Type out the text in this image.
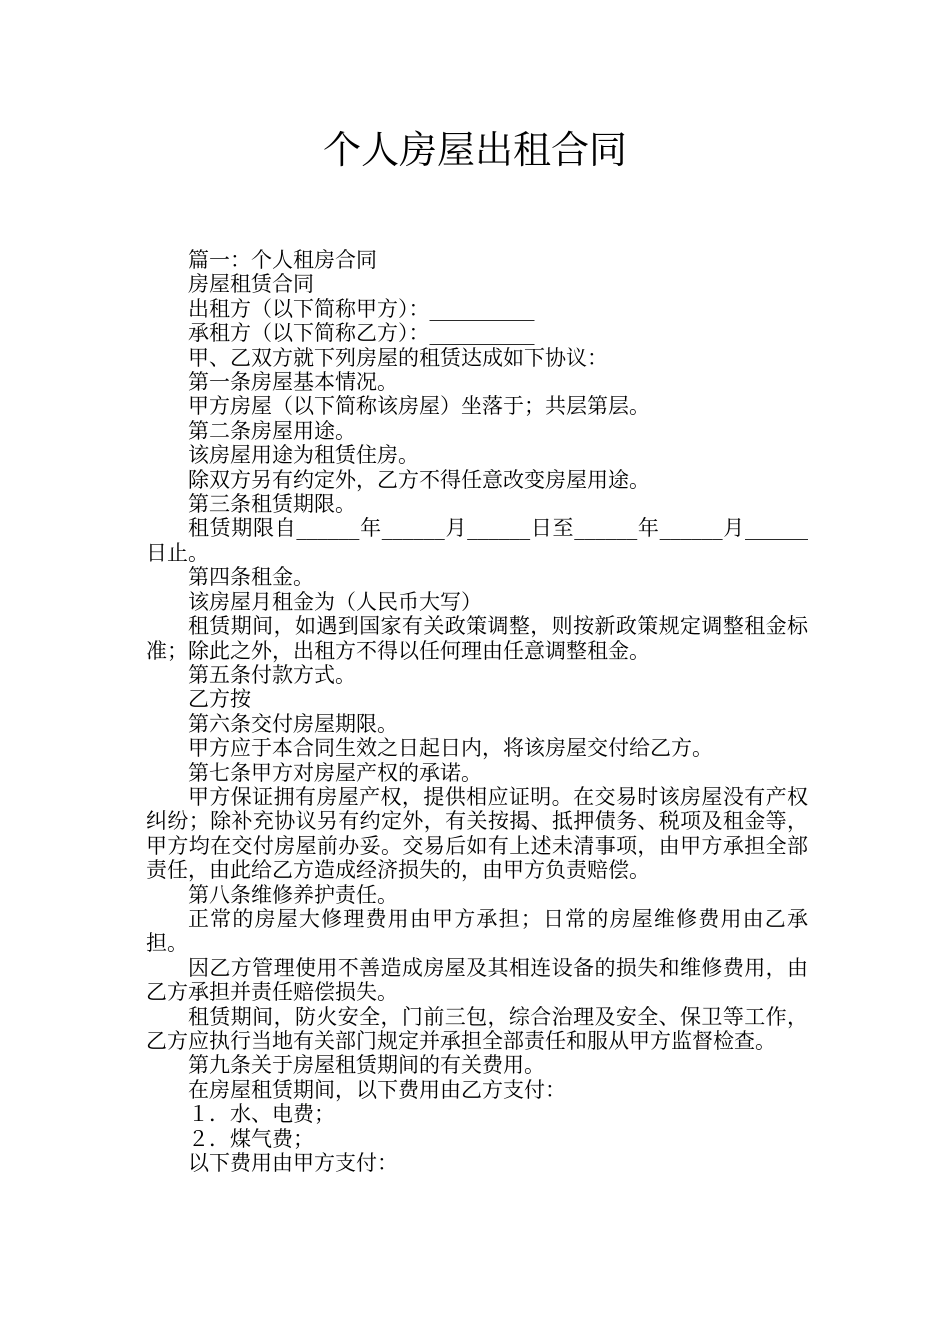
个人房屋出租合同

篇一：个人租房合同

房屋租赁合同

出租方（以下简称甲方）：__________

承租方（以下简称乙方）：__________

甲、乙双方就下列房屋的租赁达成如下协议：

第一条房屋基本情况。

甲方房屋（以下简称该房屋）坐落于；共层第层。

第二条房屋用途。

该房屋用途为租赁住房。

除双方另有约定外，乙方不得任意改变房屋用途。

第三条租赁期限。

租赁期限自______年______月______日至______年______月______日止。

第四条租金。

该房屋月租金为（人民币大写）

租赁期间，如遇到国家有关政策调整，则按新政策规定调整租金标准；除此之外，出租方不得以任何理由任意调整租金。

第五条付款方式。

乙方按

第六条交付房屋期限。

甲方应于本合同生效之日起日内，将该房屋交付给乙方。

第七条甲方对房屋产权的承诺。

甲方保证拥有房屋产权，提供相应证明。在交易时该房屋没有产权纠纷；除补充协议另有约定外，有关按揭、抵押债务、税项及租金等，甲方均在交付房屋前办妥。交易后如有上述未清事项，由甲方承担全部责任，由此给乙方造成经济损失的，由甲方负责赔偿。

第八条维修养护责任。

正常的房屋大修理费用由甲方承担；日常的房屋维修费用由乙承担。

因乙方管理使用不善造成房屋及其相连设备的损失和维修费用，由乙方承担并责任赔偿损失。

租赁期间，防火安全，门前三包，综合治理及安全、保卫等工作，乙方应执行当地有关部门规定并承担全部责任和服从甲方监督检查。

第九条关于房屋租赁期间的有关费用。

在房屋租赁期间，以下费用由乙方支付：

１．水、电费；

２．煤气费；

以下费用由甲方支付：
